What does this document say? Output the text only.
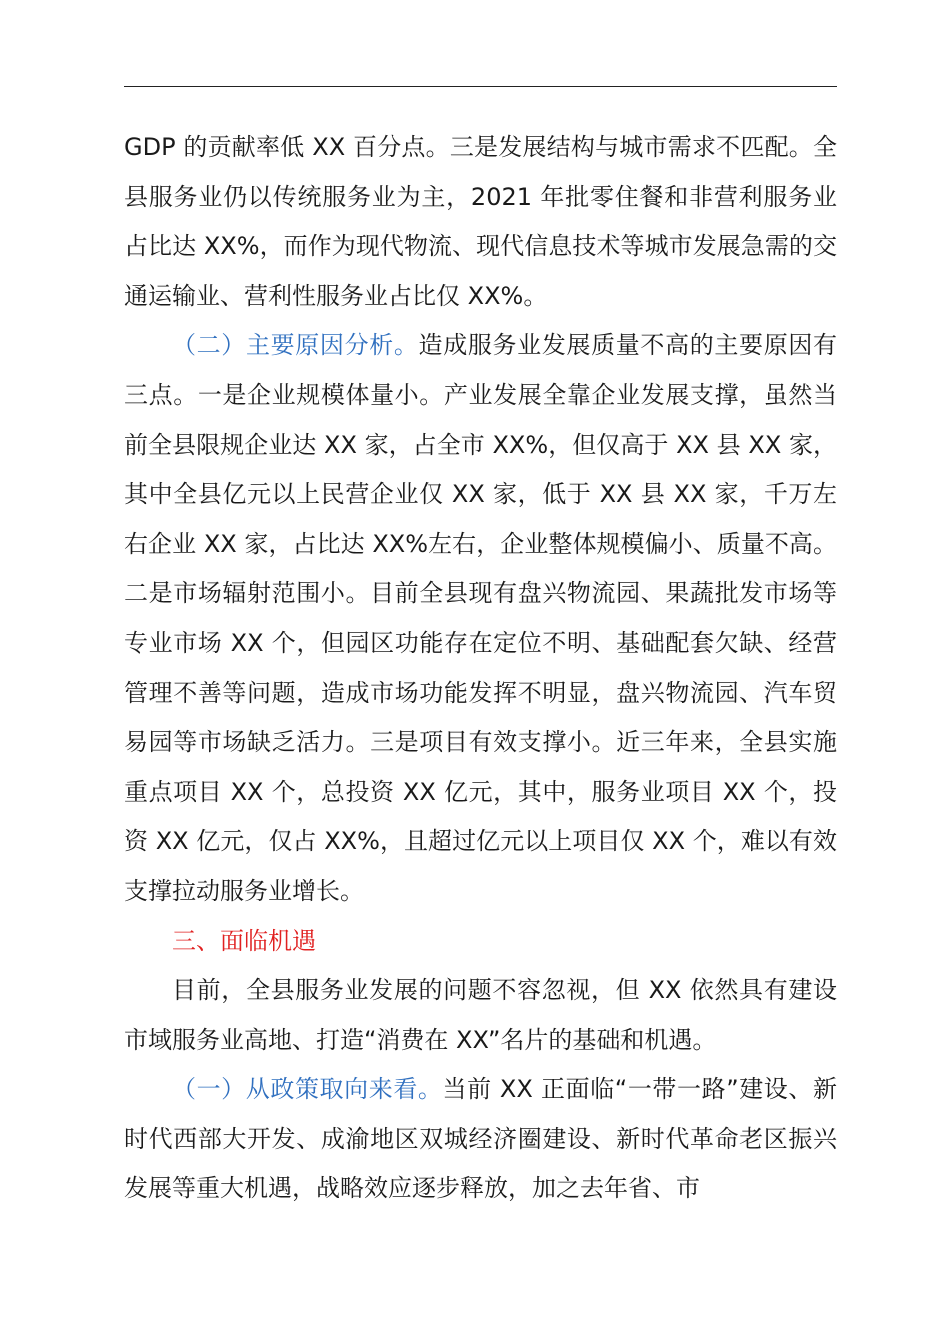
GDP 的贡献率低 XX 百分点。三是发展结构与城市需求不匹配。全县服务业仍以传统服务业为主，2021 年批零住餐和非营利服务业占比达 XX%，而作为现代物流、现代信息技术等城市发展急需的交通运输业、营利性服务业占比仅 XX%。

（二）主要原因分析。造成服务业发展质量不高的主要原因有三点。一是企业规模体量小。产业发展全靠企业发展支撑，虽然当前全县限规企业达 XX 家，占全市 XX%，但仅高于 XX 县 XX 家，其中全县亿元以上民营企业仅 XX 家，低于 XX 县 XX 家，千万左右企业 XX 家，占比达 XX%左右，企业整体规模偏小、质量不高。二是市场辐射范围小。目前全县现有盘兴物流园、果蔬批发市场等专业市场 XX 个，但园区功能存在定位不明、基础配套欠缺、经营管理不善等问题，造成市场功能发挥不明显，盘兴物流园、汽车贸易园等市场缺乏活力。三是项目有效支撑小。近三年来，全县实施重点项目 XX 个，总投资 XX 亿元，其中，服务业项目 XX 个，投资 XX 亿元，仅占 XX%，且超过亿元以上项目仅 XX 个，难以有效支撑拉动服务业增长。

三、面临机遇

目前，全县服务业发展的问题不容忽视，但 XX 依然具有建设市域服务业高地、打造“消费在 XX”名片的基础和机遇。

（一）从政策取向来看。当前 XX 正面临“一带一路”建设、新时代西部大开发、成渝地区双城经济圈建设、新时代革命老区振兴发展等重大机遇，战略效应逐步释放，加之去年省、市
